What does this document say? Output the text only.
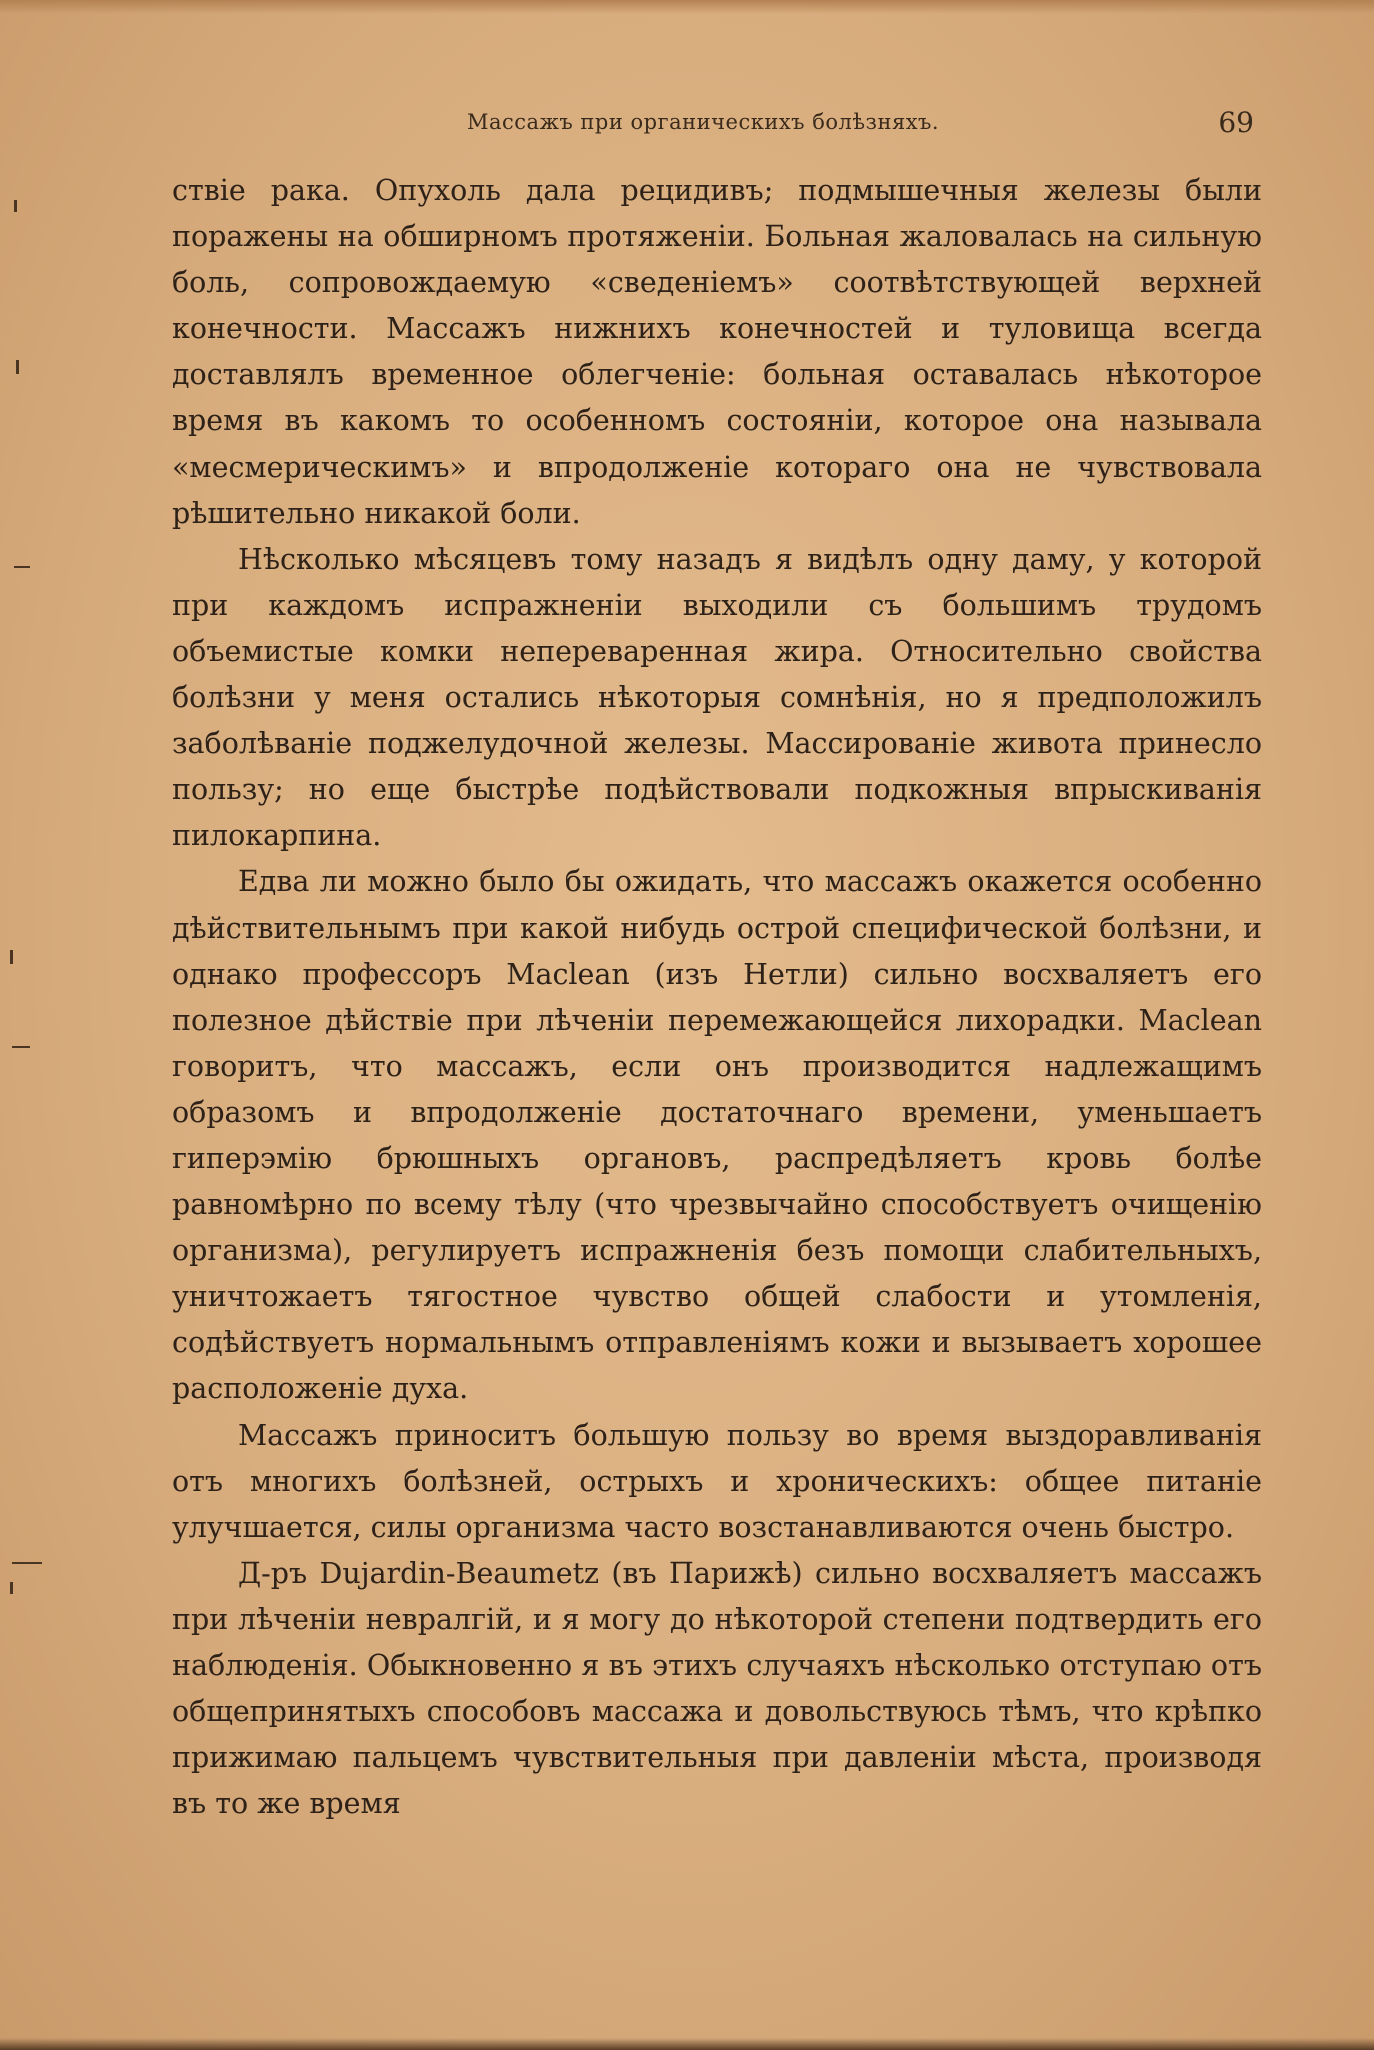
Массажъ при органическихъ болѣзняхъ.	69

ствіе рака. Опухоль дала рецидивъ; подмышечныя железы были поражены на обширномъ протяженіи. Больная жаловалась на сильную боль, сопровождаемую «сведеніемъ» соотвѣтствующей верхней конечности. Массажъ нижнихъ конечностей и туловища всегда доставлялъ временное облегченіе: больная оставалась нѣкоторое время въ какомъ то особенномъ состояніи, которое она называла «месмерическимъ» и впродолженіе котораго она не чувствовала рѣшительно никакой боли.

Нѣсколько мѣсяцевъ тому назадъ я видѣлъ одну даму, у которой при каждомъ испражненіи выходили съ большимъ трудомъ объемистые комки непереваренная жира. Относительно свойства болѣзни у меня остались нѣкоторыя сомнѣнія, но я предположилъ заболѣваніе поджелудочной железы. Массированіе живота принесло пользу; но еще быстрѣе подѣйствовали подкожныя впрыскиванія пилокарпина.

Едва ли можно было бы ожидать, что массажъ окажется особенно дѣйствительнымъ при какой нибудь острой специфической болѣзни, и однако профессоръ Maclean (изъ Нетли) сильно восхваляетъ его полезное дѣйствіе при лѣченіи перемежающейся лихорадки. Maclean говоритъ, что массажъ, если онъ производится надлежащимъ образомъ и впродолженіе достаточнаго времени, уменьшаетъ гиперэмію брюшныхъ органовъ, распредѣляетъ кровь болѣе равномѣрно по всему тѣлу (что чрезвычайно способствуетъ очищенію организма), регулируетъ испражненія безъ помощи слабительныхъ, уничтожаетъ тягостное чувство общей слабости и утомленія, содѣйствуетъ нормальнымъ отправленіямъ кожи и вызываетъ хорошее расположеніе духа.

Массажъ приноситъ большую пользу во время выздоравливанія отъ многихъ болѣзней, острыхъ и хроническихъ: общее питаніе улучшается, силы организма часто возстанавливаются очень быстро.

Д-ръ Dujardin-Beaumetz (въ Парижѣ) сильно восхваляетъ массажъ при лѣченіи невралгій, и я могу до нѣкоторой степени подтвердить его наблюденія. Обыкновенно я въ этихъ случаяхъ нѣсколько отступаю отъ общепринятыхъ способовъ массажа и довольствуюсь тѣмъ, что крѣпко прижимаю пальцемъ чувствительныя при давленіи мѣста, производя въ то же время
